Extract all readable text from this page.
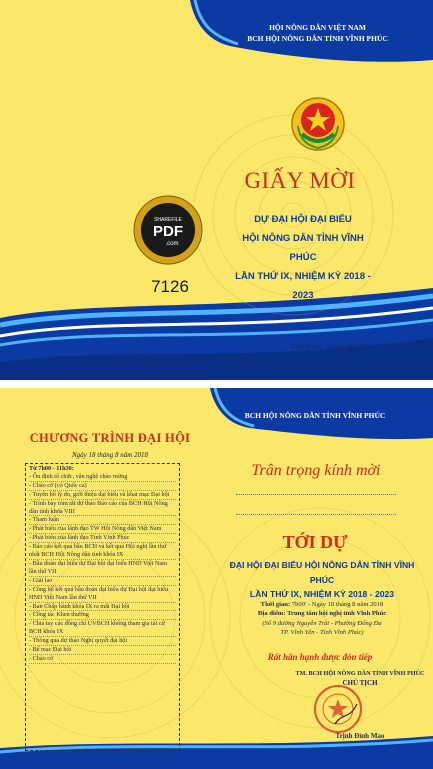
HỘI NÔNG DÂN VIỆT NAM
BCH HỘI NÔNG DÂN TỈNH VĨNH PHÚC
GIẤY MỜI
DỰ ĐẠI HỘI ĐẠI BIỂU
HỘI NÔNG DÂN TỈNH VĨNH PHÚC
LẦN THỨ IX, NHIỆM KỲ 2018 - 2023
SHAREFILE
PDF
.com
7126
Vĩnh Phúc, tháng 08/2018
BCH HỘI NÔNG DÂN TỈNH VĨNH PHÚC
CHƯƠNG TRÌNH ĐẠI HỘI
Ngày 18 tháng 8 năm 2018
Từ 7h00 - 11h30:
- Ổn định tổ chức, văn nghệ chào mừng
- Chào cờ (có Quốc ca)
- Tuyên bố lý do, giới thiệu đại biểu và khai mạc Đại hội
- Trình bày tóm tắt dự thảo Báo cáo của BCH Hội Nông dân tỉnh khóa VIII
- Tham luận
- Phát biểu của lãnh đạo TW Hội Nông dân Việt Nam
- Phát biểu của lãnh đạo Tỉnh Vĩnh Phúc
- Báo cáo kết quả bầu BCH và kết quả Hội nghị lần thứ nhất BCH Hội Nông dân tỉnh khóa IX
- Bầu đoàn đại biểu dự Đại hội đại biểu HND Việt Nam lần thứ VII
- Giải lao
- Công bố kết quả bầu đoàn đại biểu dự Đại hội đại biểu HND Việt Nam lần thứ VII
- Ban Chấp hành khóa IX ra mắt Đại hội
- Công tác Khen thưởng
- Chia tay các đồng chí UVBCH không tham gia tái cử BCH khóa IX
- Thông qua dự thảo Nghị quyết đại hội
- Bế mạc Đại hội
- Chào cờ
Trân trọng kính mời
TỚI DỰ
ĐẠI HỘI ĐẠI BIỂU HỘI NÔNG DÂN TỈNH VĨNH PHÚC
LẦN THỨ IX, NHIỆM KỲ 2018 - 2023
Thời gian: 7h00' - Ngày 18 tháng 8 năm 2018
Địa điểm: Trung tâm hội nghị tỉnh Vĩnh Phúc
(Số 9 đường Nguyễn Trãi - Phường Đống Đa
TP. Vĩnh Yên - Tỉnh Vĩnh Phúc)
Rất hân hạnh được đón tiếp
TM. BCH HỘI NÔNG DÂN TỈNH VĨNH PHÚC
CHỦ TỊCH
Trịnh Đình Mao
